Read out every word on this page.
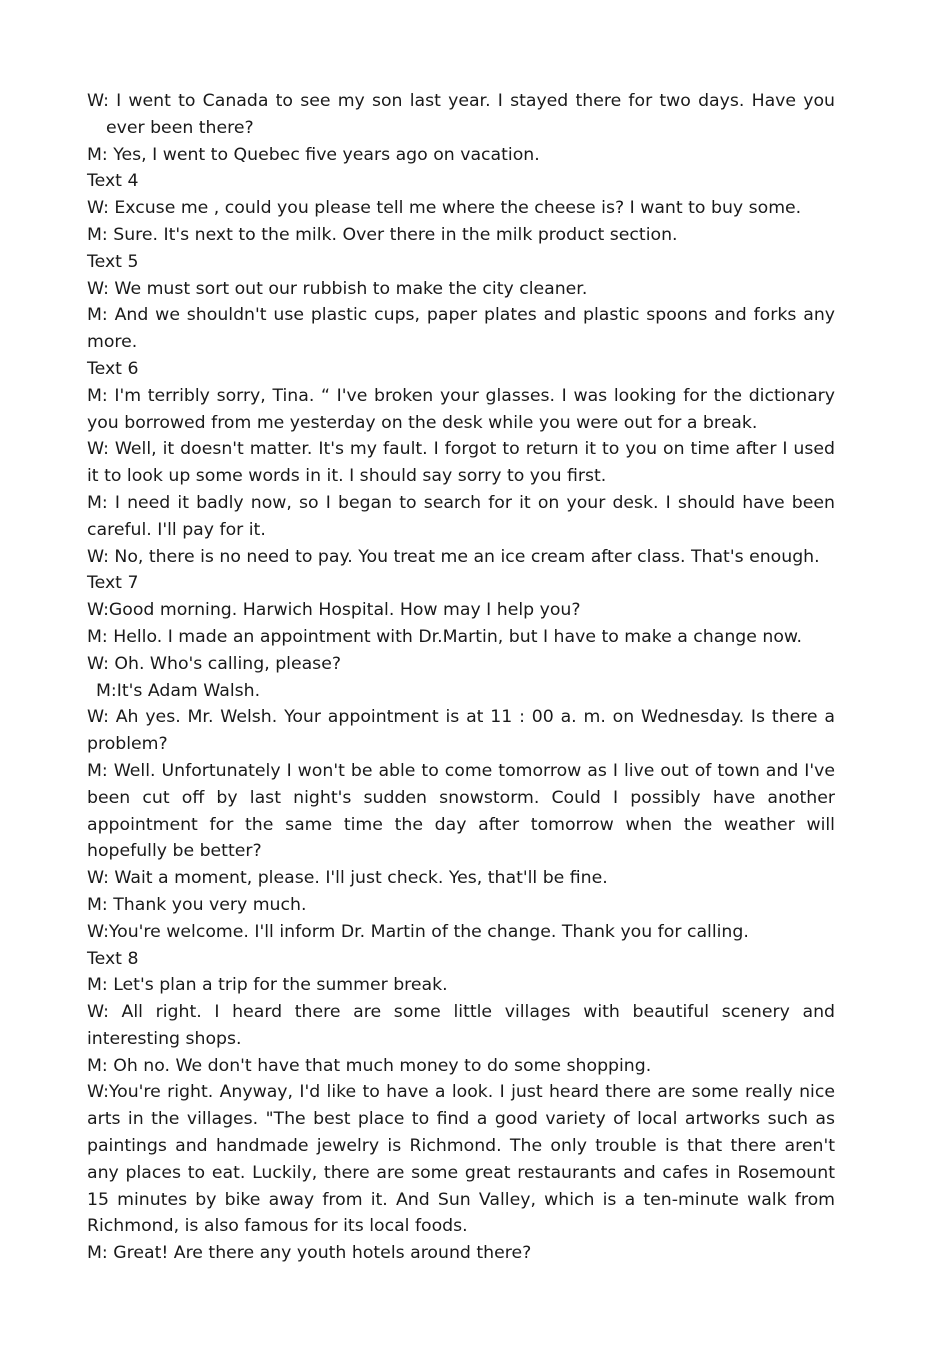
W: I went to Canada to see my son last year. I stayed there for two days. Have you ever been there?

M: Yes, I went to Quebec five years ago on vacation.

Text 4

W: Excuse me , could you please tell me where the cheese is? I want to buy some.

M: Sure. It's next to the milk. Over there in the milk product section.

Text 5

W: We must sort out our rubbish to make the city cleaner.

M: And we shouldn't use plastic cups, paper plates and plastic spoons and forks any more.

Text 6

M: I'm terribly sorry, Tina. “ I've broken your glasses. I was looking for the dictionary you borrowed from me yesterday on the desk while you were out for a break.

W: Well, it doesn't matter. It's my fault. I forgot to return it to you on time after I used it to look up some words in it. I should say sorry to you first.

M: I need it badly now, so I began to search for it on your desk. I should have been careful. I'll pay for it.

W: No, there is no need to pay. You treat me an ice cream after class. That's enough.

Text 7

W:Good morning. Harwich Hospital. How may I help you?

M: Hello. I made an appointment with Dr.Martin, but I have to make a change now.

W: Oh. Who's calling, please?

M:It's Adam Walsh.

W: Ah yes. Mr. Welsh. Your appointment is at 11 : 00 a. m. on Wednesday. Is there a problem?

M: Well. Unfortunately I won't be able to come tomorrow as I live out of town and I've been cut off by last night's sudden snowstorm. Could I possibly have another appointment for the same time the day after tomorrow when the weather will hopefully be better?

W: Wait a moment, please. I'll just check. Yes, that'll be fine.

M: Thank you very much.

W:You're welcome. I'll inform Dr. Martin of the change. Thank you for calling.

Text 8

M: Let's plan a trip for the summer break.

W: All right. I heard there are some little villages with beautiful scenery and interesting shops.

M: Oh no. We don't have that much money to do some shopping.

W:You're right. Anyway, I'd like to have a look. I just heard there are some really nice arts in the villages. "The best place to find a good variety of local artworks such as paintings and handmade jewelry is Richmond. The only trouble is that there aren't any places to eat. Luckily, there are some great restaurants and cafes in Rosemount 15 minutes by bike away from it. And Sun Valley, which is a ten-minute walk from Richmond, is also famous for its local foods.

M: Great! Are there any youth hotels around there?
